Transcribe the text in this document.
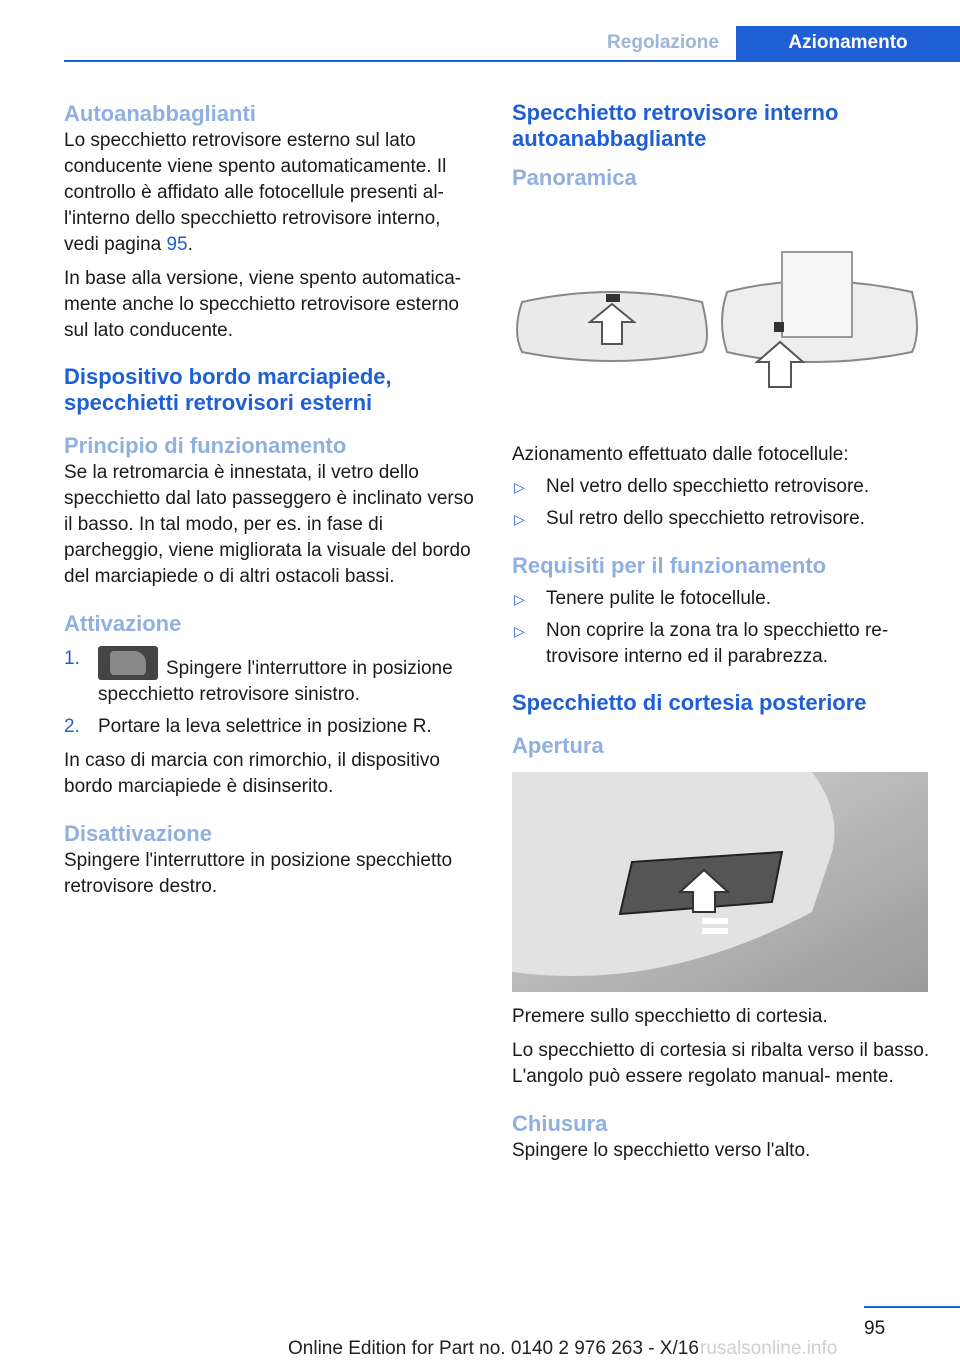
Regolazione	Azionamento
Autoanabbaglianti

Lo specchietto retrovisore esterno sul lato conducente viene spento automaticamente. Il controllo è affidato alle fotocellule presenti al- l'interno dello specchietto retrovisore interno, vedi pagina 95.

In base alla versione, viene spento automatica- mente anche lo specchietto retrovisore esterno sul lato conducente.

Dispositivo bordo marciapiede, specchietti retrovisori esterni
Principio di funzionamento

Se la retromarcia è innestata, il vetro dello specchietto dal lato passeggero è inclinato verso il basso. In tal modo, per es. in fase di parcheggio, viene migliorata la visuale del bordo del marciapiede o di altri ostacoli bassi.

Attivazione
1.	Spingere l'interruttore in posizione specchietto retrovisore sinistro.
2. Portare la leva selettrice in posizione R.

In caso di marcia con rimorchio, il dispositivo bordo marciapiede è disinserito.

Disattivazione

Spingere l'interruttore in posizione specchietto retrovisore destro.

Specchietto retrovisore interno autoanabbagliante
Panoramica

Azionamento effettuato dalle fotocellule:

▷ Nel vetro dello specchietto retrovisore.
▷ Sul retro dello specchietto retrovisore.
Requisiti per il funzionamento
▷ Tenere pulite le fotocellule.
▷ Non coprire la zona tra lo specchietto re- trovisore interno ed il parabrezza.
Specchietto di cortesia posteriore
Apertura

Premere sullo specchietto di cortesia.

Lo specchietto di cortesia si ribalta verso il basso. L'angolo può essere regolato manual- mente.

Chiusura

Spingere lo specchietto verso l'alto.

95
Online Edition for Part no. 0140 2 976 263 - X/16 rusalsonline.info
